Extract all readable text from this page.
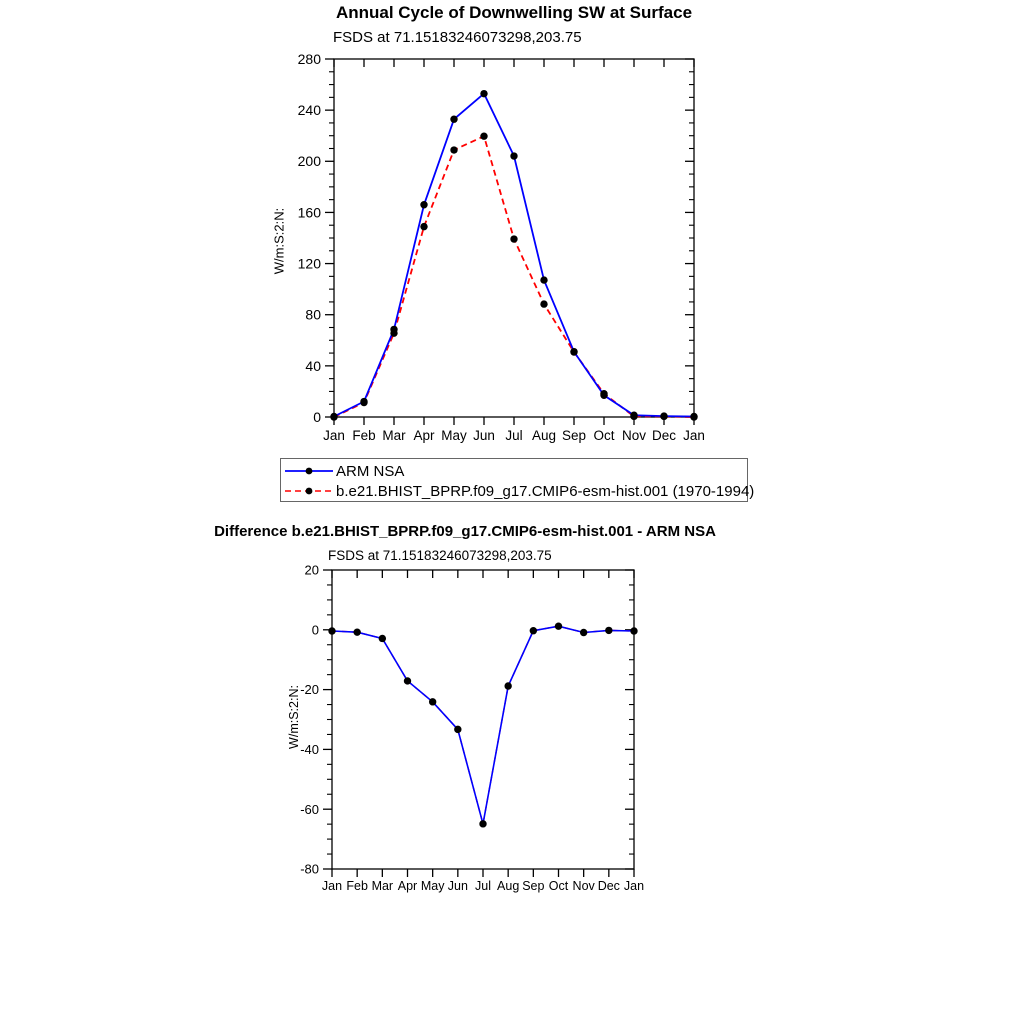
0
40
80
120
160
200
240
280
Jan Feb Mar Apr May Jun Jul Aug Sep Oct Nov Dec Jan
20
0
-20
-40
-60
-80
Jan Feb Mar Apr May Jun Jul Aug Sep Oct Nov Dec Jan
Annual Cycle of Downwelling SW at Surface
FSDS at 71.15183246073298,203.75
W/m:S:2:N:
ARM NSA
b.e21.BHIST_BPRP.f09_g17.CMIP6-esm-hist.001 (1970-1994)
Difference b.e21.BHIST_BPRP.f09_g17.CMIP6-esm-hist.001 - ARM NSA
FSDS at 71.15183246073298,203.75
W/m:S:2:N:
